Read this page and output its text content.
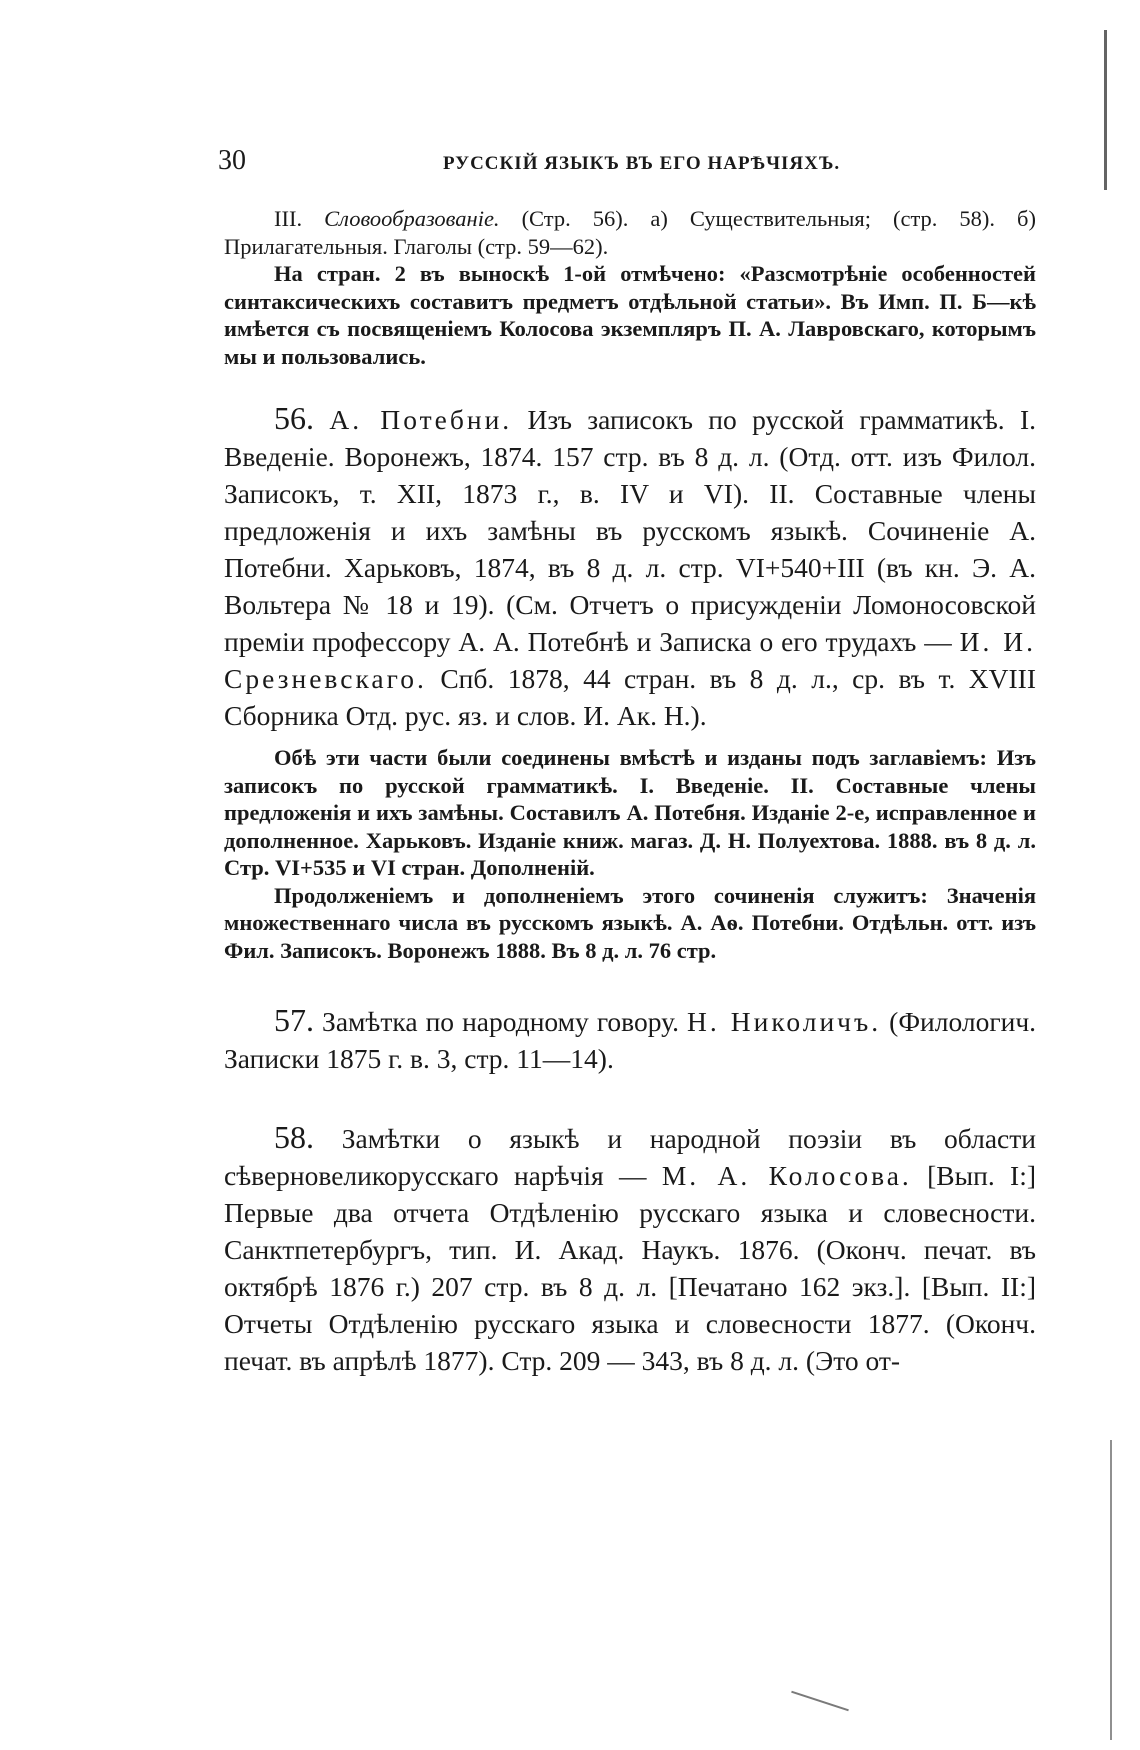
30	РУССКІЙ ЯЗЫКЪ ВЪ ЕГО НАРѢЧІЯХЪ.

III. Словообразованіе. (Стр. 56). а) Существительныя; (стр. 58). б) Прилагательныя. Глаголы (стр. 59—62).

На стран. 2 въ выноскѣ 1-ой отмѣчено: «Разсмотрѣніе особенностей синтаксическихъ составитъ предметъ отдѣльной статьи». Въ Имп. П. Б—кѣ имѣется съ посвященіемъ Колосова экземпляръ П. А. Лавровскаго, которымъ мы и пользовались.

56. А. Потебни. Изъ записокъ по русской грамматикѣ. I. Введеніе. Воронежъ, 1874. 157 стр. въ 8 д. л. (Отд. отт. изъ Филол. Записокъ, т. XII, 1873 г., в. IV и VI). II. Составные члены предложенія и ихъ замѣны въ русскомъ языкѣ. Сочиненіе А. Потебни. Харьковъ, 1874, въ 8 д. л. стр. VI+540+III (въ кн. Э. А. Вольтера № 18 и 19). (См. Отчетъ о присужденіи Ломоносовской преміи профессору А. А. Потебнѣ и Записка о его трудахъ — И. И. Срезневскаго. Спб. 1878, 44 стран. въ 8 д. л., ср. въ т. XVIII Сборника Отд. рус. яз. и слов. И. Ак. Н.).

Обѣ эти части были соединены вмѣстѣ и изданы подъ заглавіемъ: Изъ записокъ по русской грамматикѣ. I. Введеніе. II. Составные члены предложенія и ихъ замѣны. Составилъ А. Потебня. Изданіе 2-е, исправленное и дополненное. Харьковъ. Изданіе книж. магаз. Д. Н. Полуехтова. 1888. въ 8 д. л. Стр. VI+535 и VI стран. Дополненій.

Продолженіемъ и дополненіемъ этого сочиненія служитъ: Значенія множественнаго числа въ русскомъ языкѣ. А. Аѳ. Потебни. Отдѣльн. отт. изъ Фил. Записокъ. Воронежъ 1888. Въ 8 д. л. 76 стр.

57. Замѣтка по народному говору. Н. Николичъ. (Филологич. Записки 1875 г. в. 3, стр. 11—14).

58. Замѣтки о языкѣ и народной поэзіи въ области сѣверновеликорусскаго нарѣчія — М. А. Колосова. [Вып. I:] Первые два отчета Отдѣленію русскаго языка и словесности. Санктпетербургъ, тип. И. Акад. Наукъ. 1876. (Оконч. печат. въ октябрѣ 1876 г.) 207 стр. въ 8 д. л. [Печатано 162 экз.]. [Вып. II:] Отчеты Отдѣленію русскаго языка и словесности 1877. (Оконч. печат. въ апрѣлѣ 1877). Стр. 209 — 343, въ 8 д. л. (Это от-
